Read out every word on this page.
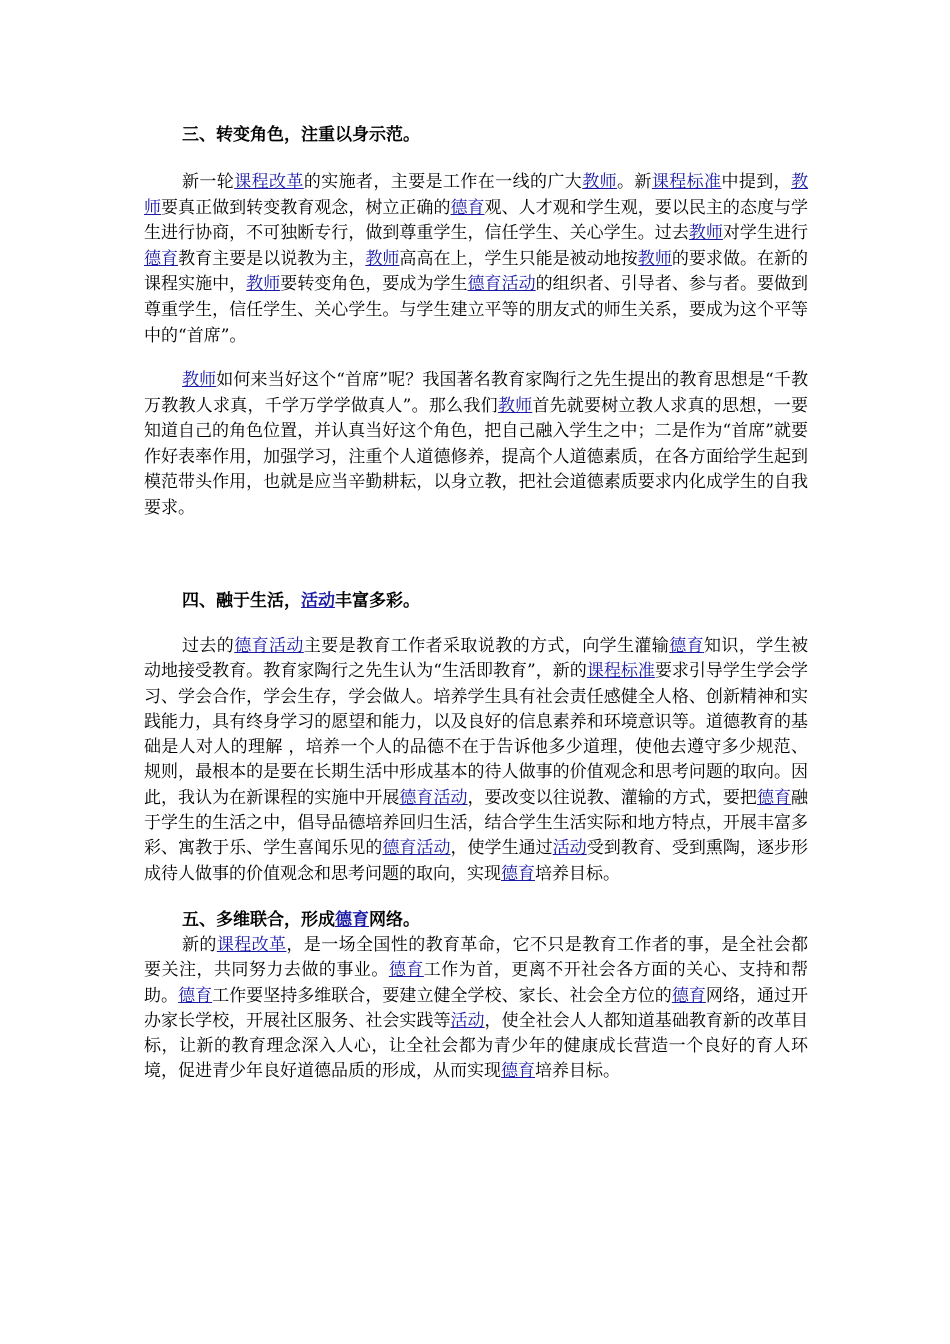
三、转变角色，注重以身示范。
新一轮课程改革的实施者，主要是工作在一线的广大教师。新课程标准中提到，教师要真正做到转变教育观念，树立正确的德育观、人才观和学生观，要以民主的态度与学生进行协商，不可独断专行，做到尊重学生，信任学生、关心学生。过去教师对学生进行德育教育主要是以说教为主，教师高高在上，学生只能是被动地按教师的要求做。在新的课程实施中，教师要转变角色，要成为学生德育活动的组织者、引导者、参与者。要做到尊重学生，信任学生、关心学生。与学生建立平等的朋友式的师生关系，要成为这个平等中的“首席”。
教师如何来当好这个“首席”呢？我国著名教育家陶行之先生提出的教育思想是“千教万教教人求真，千学万学学做真人”。那么我们教师首先就要树立教人求真的思想，一要知道自己的角色位置，并认真当好这个角色，把自己融入学生之中；二是作为“首席”就要作好表率作用，加强学习，注重个人道德修养，提高个人道德素质，在各方面给学生起到模范带头作用，也就是应当辛勤耕耘，以身立教，把社会道德素质要求内化成学生的自我要求。
四、融于生活，活动丰富多彩。
过去的德育活动主要是教育工作者采取说教的方式，向学生灌输德育知识，学生被动地接受教育。教育家陶行之先生认为“生活即教育”，新的课程标准要求引导学生学会学习、学会合作，学会生存，学会做人。培养学生具有社会责任感健全人格、创新精神和实践能力，具有终身学习的愿望和能力，以及良好的信息素养和环境意识等。道德教育的基础是人对人的理解 ，培养一个人的品德不在于告诉他多少道理，使他去遵守多少规范、规则，最根本的是要在长期生活中形成基本的待人做事的价值观念和思考问题的取向。因此，我认为在新课程的实施中开展德育活动，要改变以往说教、灌输的方式，要把德育融于学生的生活之中，倡导品德培养回归生活，结合学生生活实际和地方特点，开展丰富多彩、寓教于乐、学生喜闻乐见的德育活动，使学生通过活动受到教育、受到熏陶，逐步形成待人做事的价值观念和思考问题的取向，实现德育培养目标。
五、多维联合，形成德育网络。
新的课程改革，是一场全国性的教育革命，它不只是教育工作者的事，是全社会都要关注，共同努力去做的事业。德育工作为首，更离不开社会各方面的关心、支持和帮助。德育工作要坚持多维联合，要建立健全学校、家长、社会全方位的德育网络，通过开办家长学校，开展社区服务、社会实践等活动，使全社会人人都知道基础教育新的改革目标，让新的教育理念深入人心，让全社会都为青少年的健康成长营造一个良好的育人环境，促进青少年良好道德品质的形成，从而实现德育培养目标。
